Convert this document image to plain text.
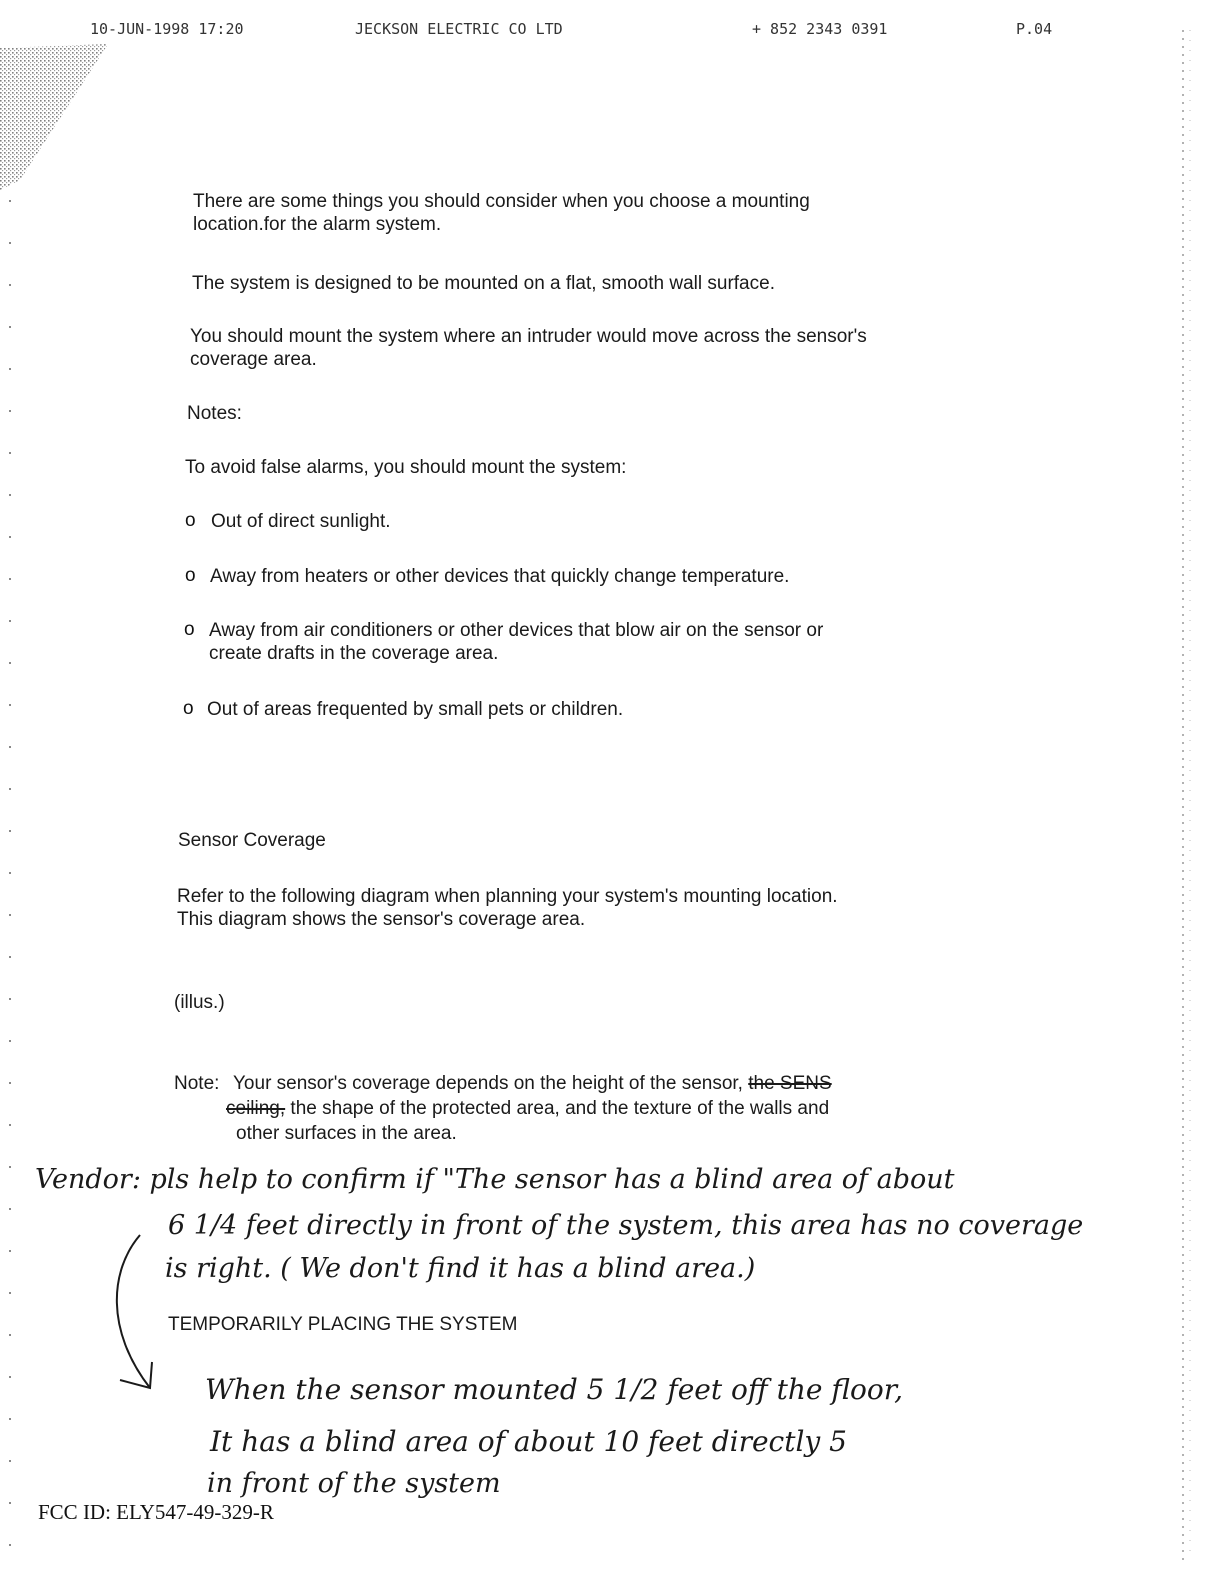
10-JUN-1998 17:20	JECKSON ELECTRIC CO LTD	+ 852 2343 0391	P.04
There are some things you should consider when you choose a mounting
location.for the alarm system.
The system is designed to be mounted on a flat, smooth wall surface.
You should mount the system where an intruder would move across the sensor's
coverage area.
Notes:
To avoid false alarms, you should mount the system:
o Out of direct sunlight.
o Away from heaters or other devices that quickly change temperature.
o Away from air conditioners or other devices that blow air on the sensor or
create drafts in the coverage area.
o Out of areas frequented by small pets or children.
Sensor Coverage
Refer to the following diagram when planning your system's mounting location.
This diagram shows the sensor's coverage area.
(illus.)
Note: Your sensor's coverage depends on the height of the sensor, the SENS
ceiling, the shape of the protected area, and the texture of the walls and
other surfaces in the area.
Vendor: pls help to confirm if "The sensor has a blind area of about
6 1/4 feet directly in front of the system, this area has no coverage
is right. ( We don't find it has a blind area.)
TEMPORARILY PLACING THE SYSTEM
When the sensor mounted 5 1/2 feet off the floor,
It has a blind area of about 10 feet directly 5
in front of the system
FCC ID: ELY547-49-329-R
